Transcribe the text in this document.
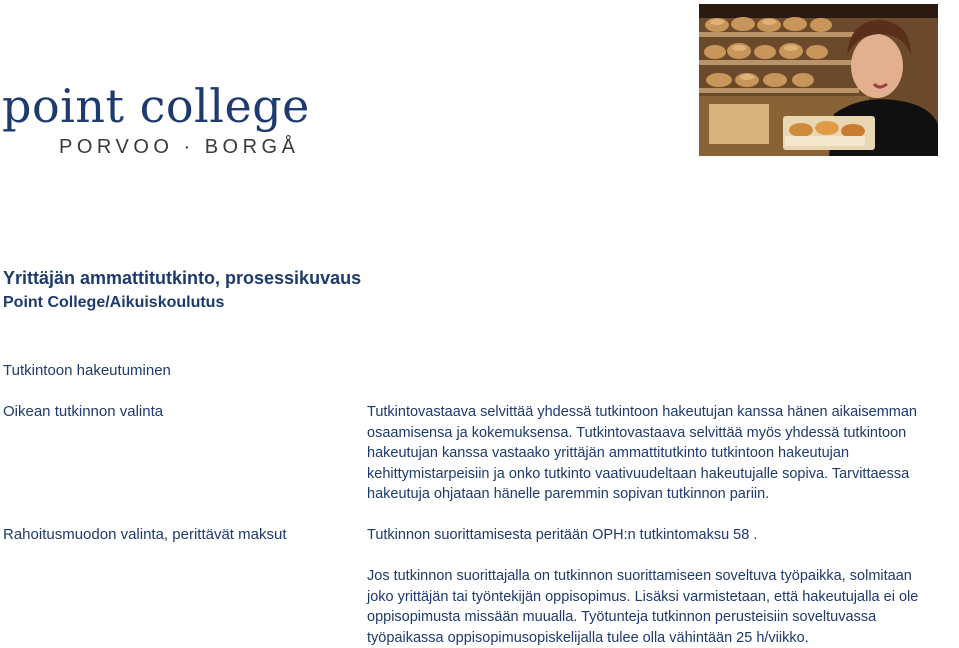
point college
PORVOO · BORGÅ
Yrittäjän ammattitutkinto, prosessikuvaus
Point College/Aikuiskoulutus
Tutkintoon hakeutuminen
Oikean tutkinnon valinta	Tutkintovastaava selvittää yhdessä tutkintoon hakeutujan kanssa hänen aikaisemman
osaamisensa ja kokemuksensa. Tutkintovastaava selvittää myös yhdessä tutkintoon
hakeutujan kanssa vastaako yrittäjän ammattitutkinto tutkintoon hakeutujan
kehittymistarpeisiin ja onko tutkinto vaativuudeltaan hakeutujalle sopiva. Tarvittaessa
hakeutuja ohjataan hänelle paremmin sopivan tutkinnon pariin.
Rahoitusmuodon valinta, perittävät maksut	Tutkinnon suorittamisesta peritään OPH:n tutkintomaksu 58 .
Jos tutkinnon suorittajalla on tutkinnon suorittamiseen soveltuva työpaikka, solmitaan
joko yrittäjän tai työntekijän oppisopimus. Lisäksi varmistetaan, että hakeutujalla ei ole
oppisopimusta missään muualla. Työtunteja tutkinnon perusteisiin soveltuvassa
työpaikassa oppisopimusopiskelijalla tulee olla vähintään 25 h/viikko.
